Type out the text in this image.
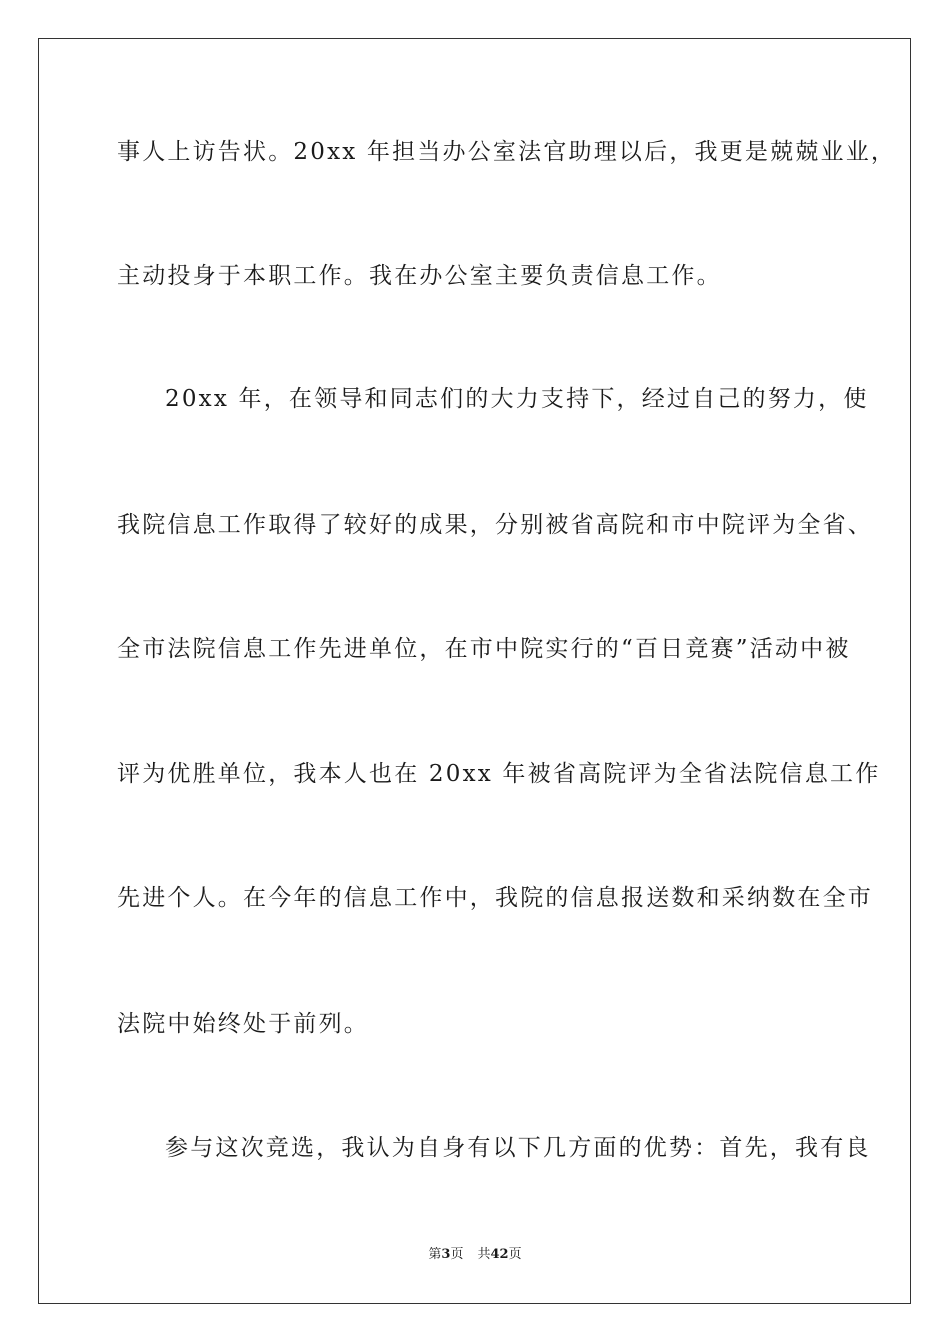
事人上访告状。20xx 年担当办公室法官助理以后，我更是兢兢业业，
主动投身于本职工作。我在办公室主要负责信息工作。
20xx 年，在领导和同志们的大力支持下，经过自己的努力，使
我院信息工作取得了较好的成果，分别被省高院和市中院评为全省、
全市法院信息工作先进单位，在市中院实行的“百日竞赛”活动中被
评为优胜单位，我本人也在 20xx 年被省高院评为全省法院信息工作
先进个人。在今年的信息工作中，我院的信息报送数和采纳数在全市
法院中始终处于前列。
参与这次竞选，我认为自身有以下几方面的优势：首先，我有良
第3页 共42页
